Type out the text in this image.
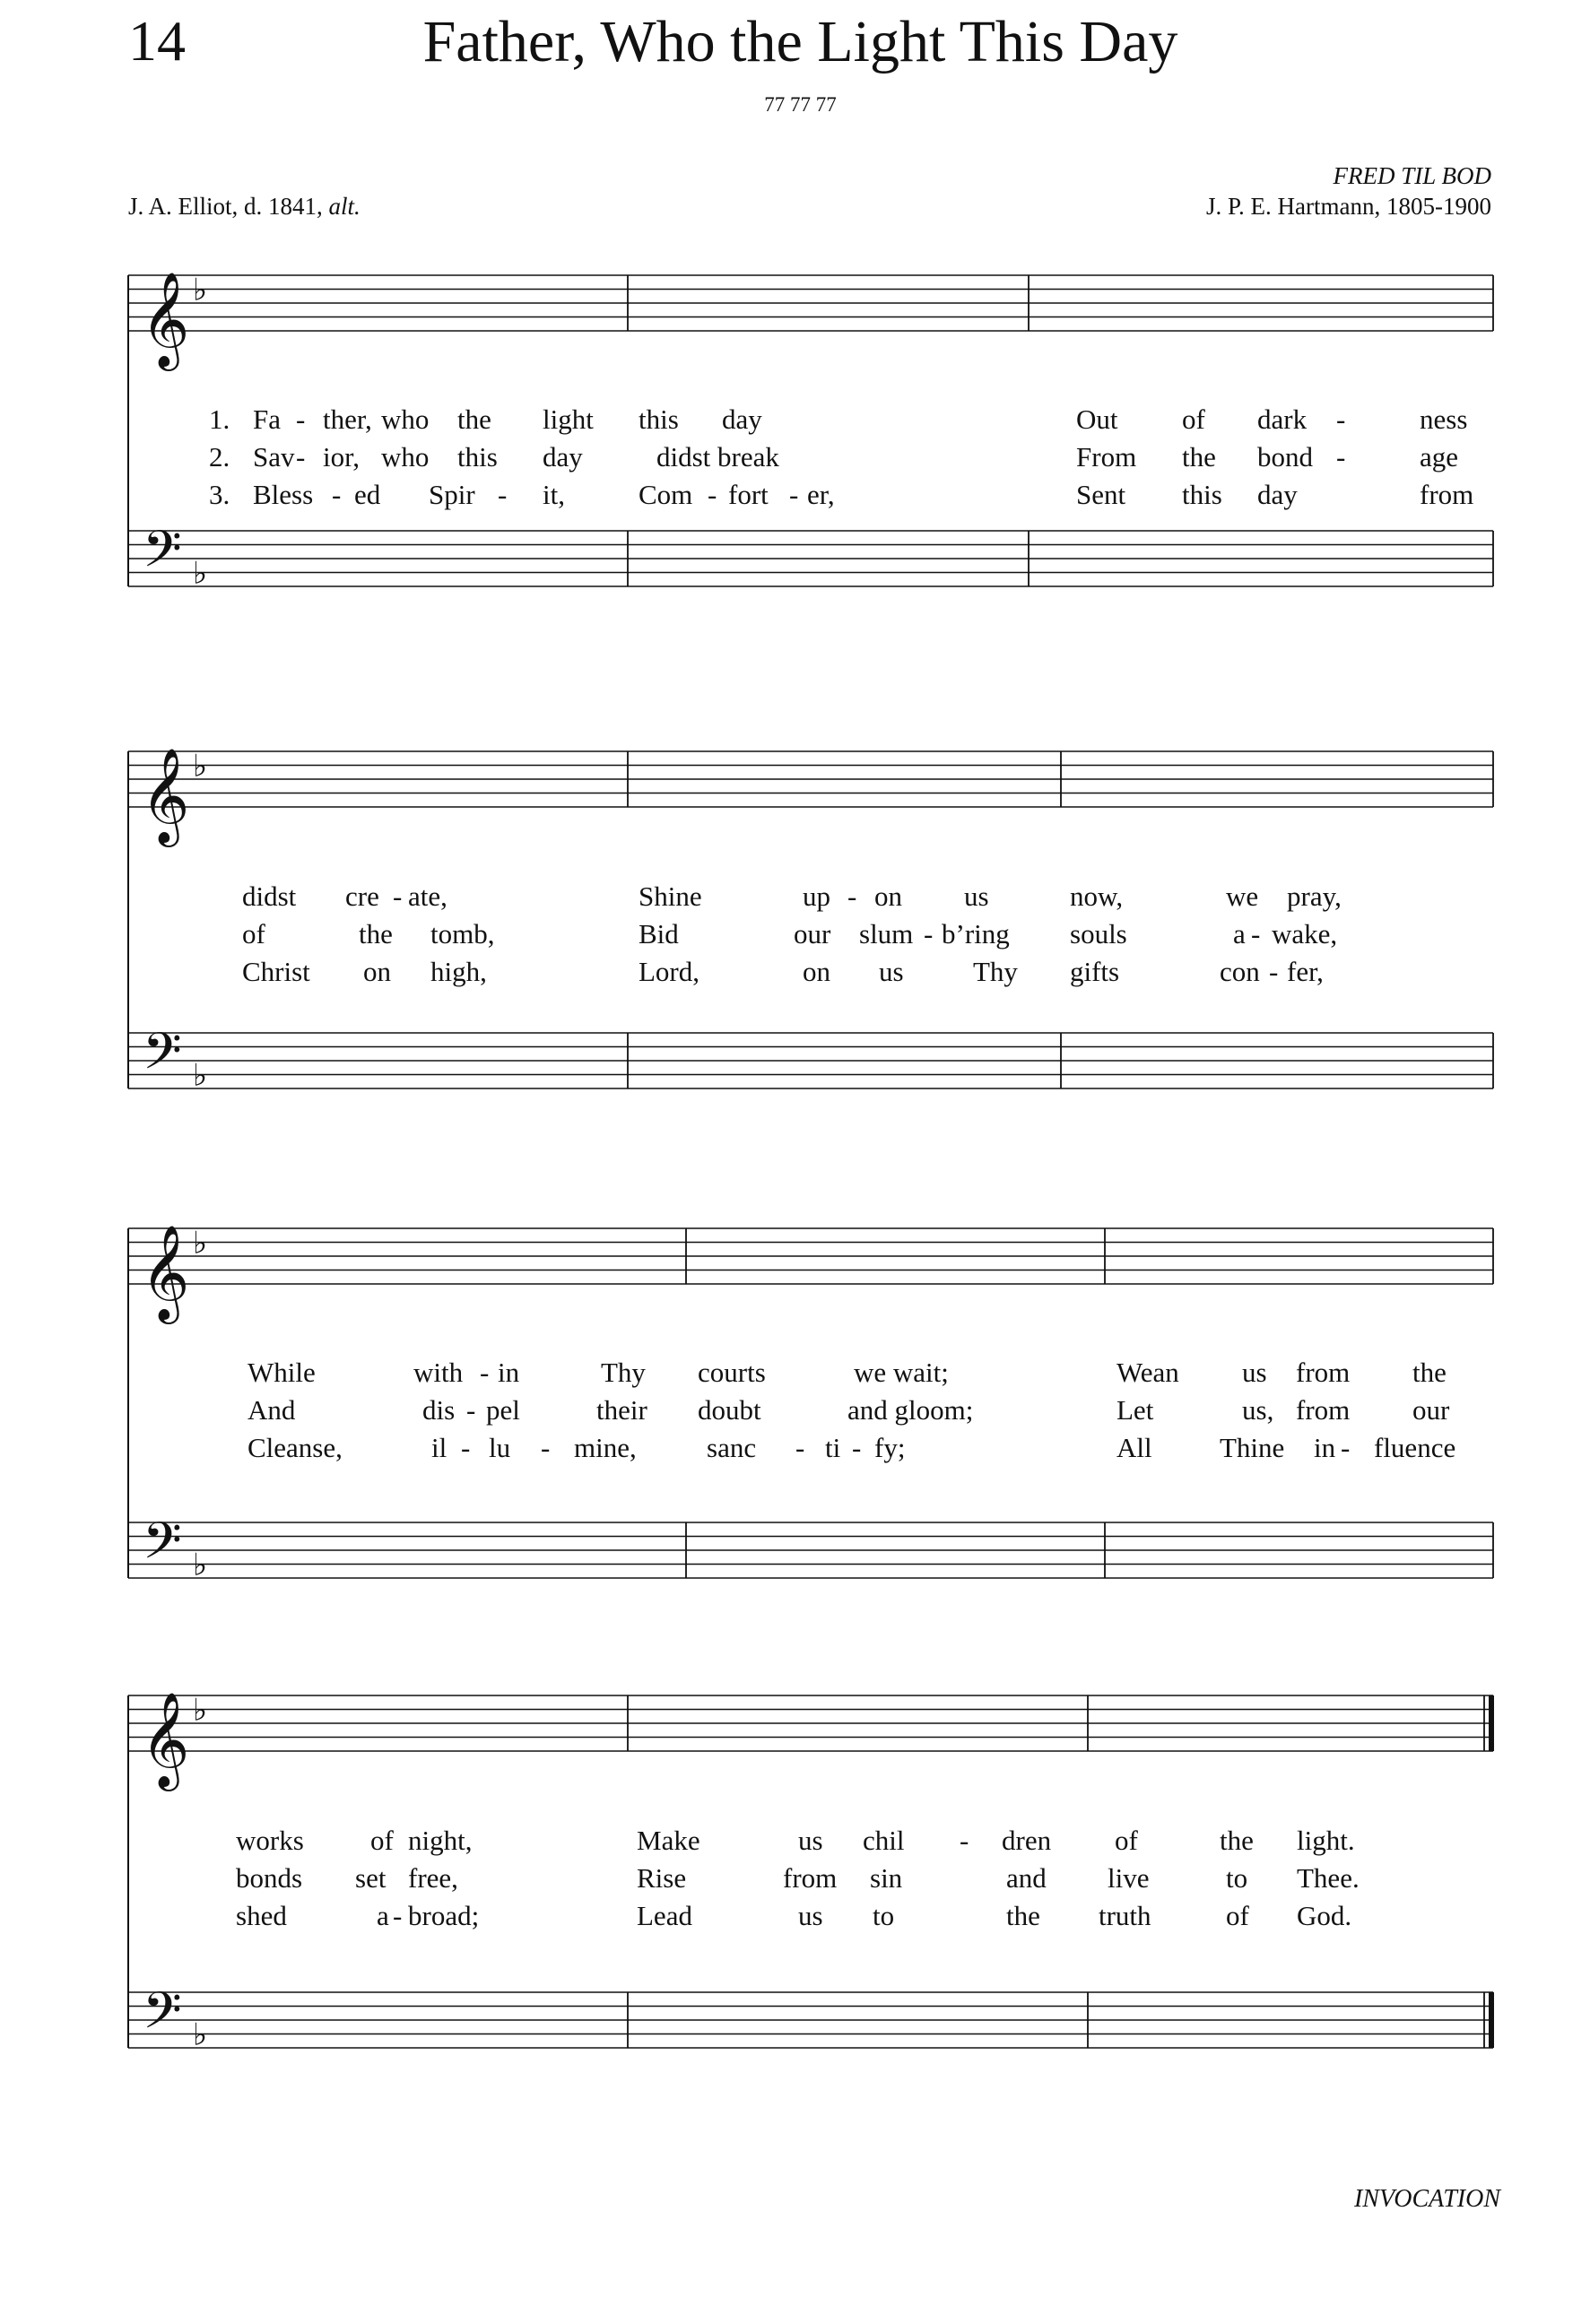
14	Father, Who the Light This Day
77 77 77
FRED TIL BOD
J. A. Elliot, d. 1841, alt.	J. P. E. Hartmann, 1805-1900
INVOCATION
𝄞
𝄢
♭
♭
1. Fa - ther, who the light this day	Out of dark -	ness
2. Sav - ior, who this day	didst break	From the bond -	age
3. Bless - ed Spir - it,	Com - fort - er,	Sent this day	from
𝄞
𝄢
♭
♭
didst cre - ate,	Shine	up - on us	now,	we pray,
of	the tomb,	Bid	our slum - b’ring souls	a - wake,
Christ on high,	Lord,	on us Thy gifts	con - fer,
𝄞
𝄢
♭
♭
While	with - in	Thy courts	we wait;	Wean us from the
And	dis - pel	their doubt	and gloom;	Let	us, from our
Cleanse,	il - lu - mine,	sanc - ti - fy;	All Thine in - fluence
𝄞
𝄢
♭
♭
works of night,	Make	us chil - dren of	the light.
bonds set free,	Rise	from sin	and live	to Thee.
shed	a - broad;	Lead	us to	the truth	of God.
